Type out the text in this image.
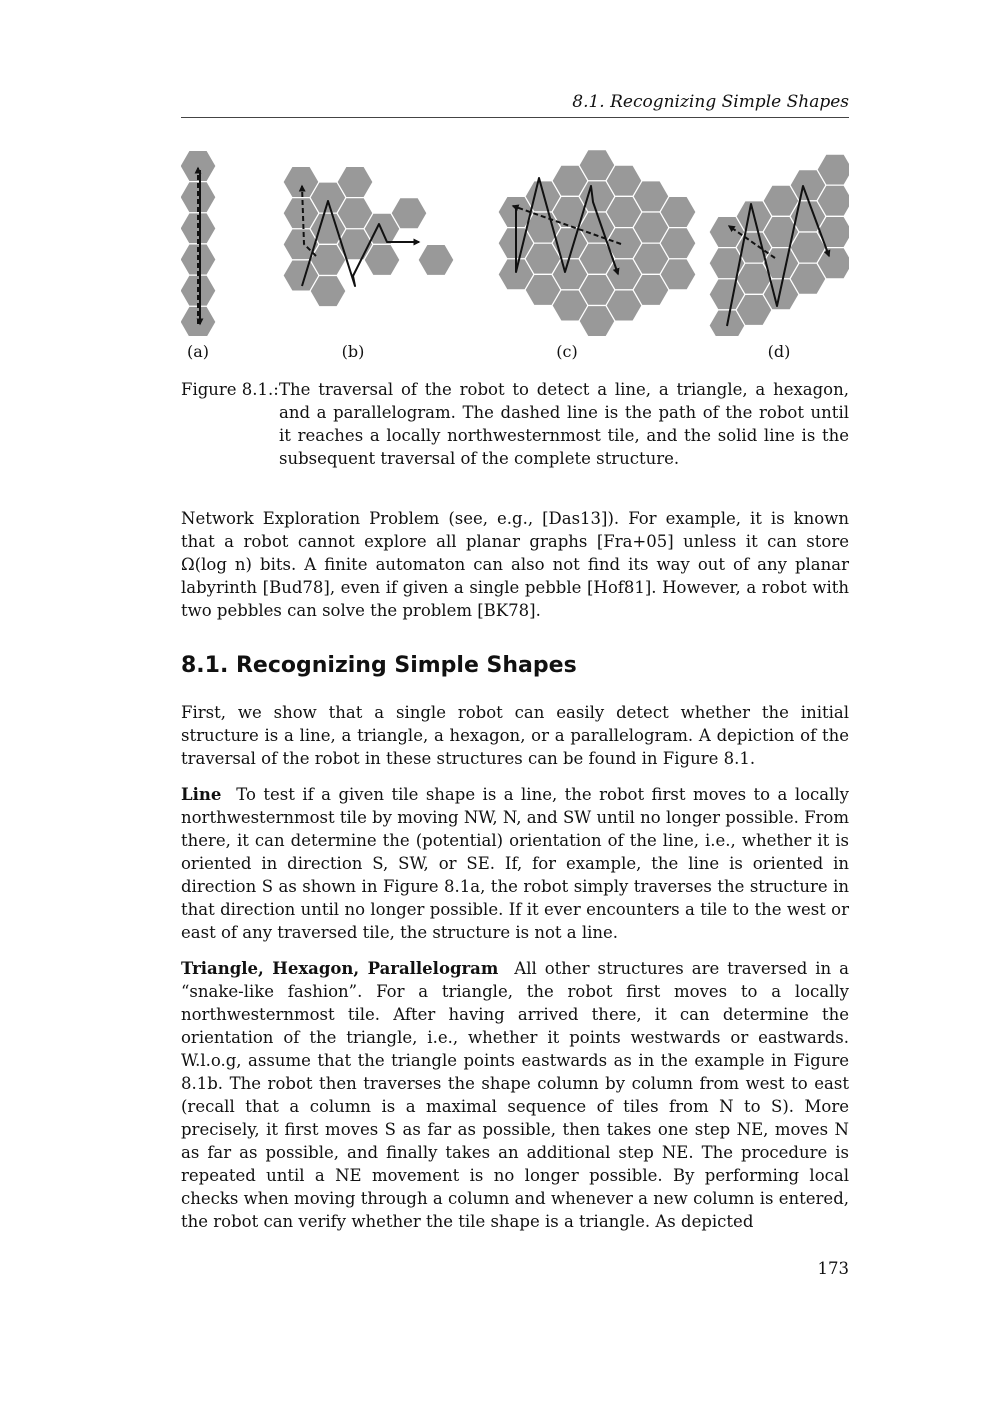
8.1. Recognizing Simple Shapes
(a)	(b)	(c)	(d)
Figure 8.1.: The traversal of the robot to detect a line, a triangle, a hexagon, and a parallelogram. The dashed line is the path of the robot until it reaches a locally northwesternmost tile, and the solid line is the subsequent traversal of the complete structure.

Network Exploration Problem (see, e.g., [Das13]). For example, it is known that a robot cannot explore all planar graphs [Fra+05] unless it can store Ω(log n) bits. A finite automaton can also not find its way out of any planar labyrinth [Bud78], even if given a single pebble [Hof81]. However, a robot with two pebbles can solve the problem [BK78].

8.1. Recognizing Simple Shapes

First, we show that a single robot can easily detect whether the initial structure is a line, a triangle, a hexagon, or a parallelogram. A depiction of the traversal of the robot in these structures can be found in Figure 8.1.

Line To test if a given tile shape is a line, the robot first moves to a locally northwesternmost tile by moving NW, N, and SW until no longer possible. From there, it can determine the (potential) orientation of the line, i.e., whether it is oriented in direction S, SW, or SE. If, for example, the line is oriented in direction S as shown in Figure 8.1a, the robot simply traverses the structure in that direction until no longer possible. If it ever encounters a tile to the west or east of any traversed tile, the structure is not a line.

Triangle, Hexagon, Parallelogram All other structures are traversed in a “snake-like fashion”. For a triangle, the robot first moves to a locally northwesternmost tile. After having arrived there, it can determine the orientation of the triangle, i.e., whether it points westwards or eastwards. W.l.o.g, assume that the triangle points eastwards as in the example in Figure 8.1b. The robot then traverses the shape column by column from west to east (recall that a column is a maximal sequence of tiles from N to S). More precisely, it first moves S as far as possible, then takes one step NE, moves N as far as possible, and finally takes an additional step NE. The procedure is repeated until a NE movement is no longer possible. By performing local checks when moving through a column and whenever a new column is entered, the robot can verify whether the tile shape is a triangle. As depicted

173
